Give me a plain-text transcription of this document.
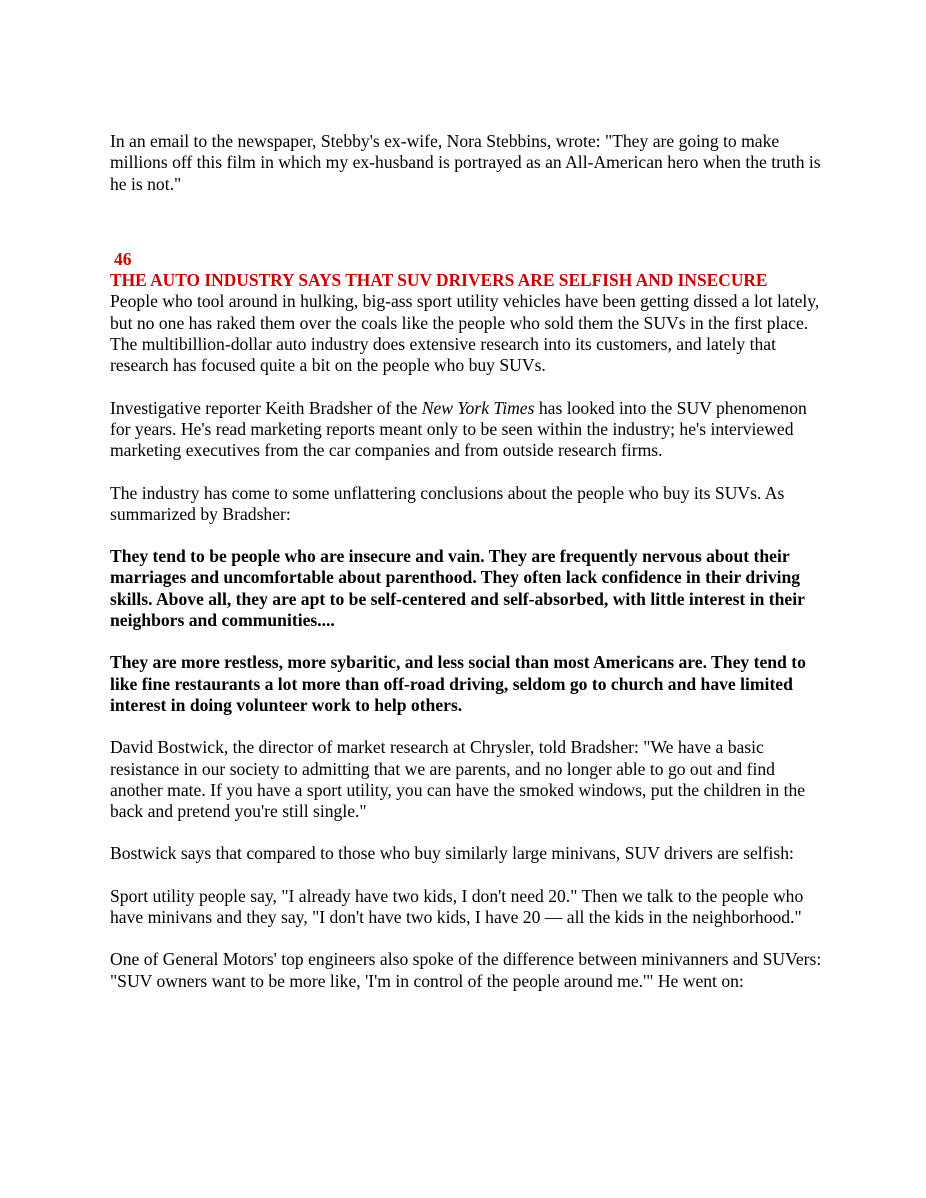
In an email to the newspaper, Stebby's ex-wife, Nora Stebbins, wrote: "They are going to make millions off this film in which my ex-husband is portrayed as an All-American hero when the truth is he is not."

46

THE AUTO INDUSTRY SAYS THAT SUV DRIVERS ARE SELFISH AND INSECURE

People who tool around in hulking, big-ass sport utility vehicles have been getting dissed a lot lately, but no one has raked them over the coals like the people who sold them the SUVs in the first place. The multibillion-dollar auto industry does extensive research into its customers, and lately that research has focused quite a bit on the people who buy SUVs.

Investigative reporter Keith Bradsher of the New York Times has looked into the SUV phenomenon for years. He's read marketing reports meant only to be seen within the industry; he's interviewed marketing executives from the car companies and from outside research firms.

The industry has come to some unflattering conclusions about the people who buy its SUVs. As summarized by Bradsher:

They tend to be people who are insecure and vain. They are frequently nervous about their marriages and uncomfortable about parenthood. They often lack confidence in their driving skills. Above all, they are apt to be self-centered and self-absorbed, with little interest in their neighbors and communities....

They are more restless, more sybaritic, and less social than most Americans are. They tend to like fine restaurants a lot more than off-road driving, seldom go to church and have limited interest in doing volunteer work to help others.

David Bostwick, the director of market research at Chrysler, told Bradsher: "We have a basic resistance in our society to admitting that we are parents, and no longer able to go out and find another mate. If you have a sport utility, you can have the smoked windows, put the children in the back and pretend you're still single."

Bostwick says that compared to those who buy similarly large minivans, SUV drivers are selfish:

Sport utility people say, "I already have two kids, I don't need 20." Then we talk to the people who have minivans and they say, "I don't have two kids, I have 20 — all the kids in the neighborhood."

One of General Motors' top engineers also spoke of the difference between minivanners and SUVers: "SUV owners want to be more like, 'I'm in control of the people around me.'" He went on:
